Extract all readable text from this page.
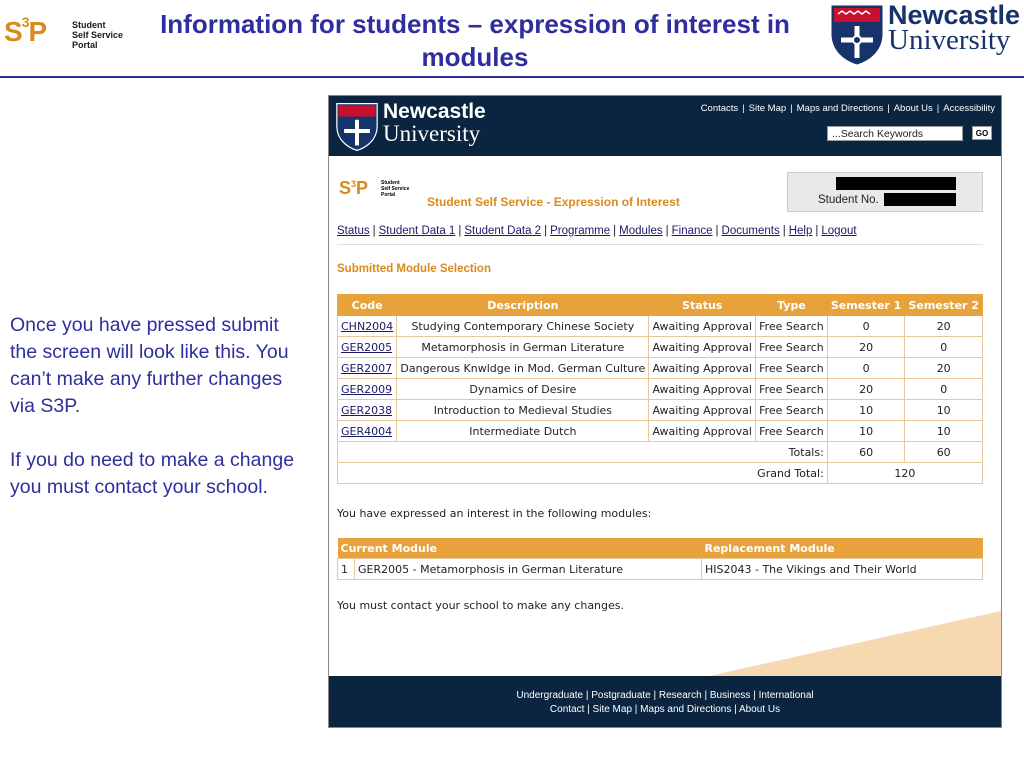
$S^3P$	Student
Self Service
Portal
Information for students – expression of interest in modules
Newcastle
University

Once you have pressed submit the screen will look like this. You can’t make any further changes via S3P.

If you do need to make a change you must contact your school.

Newcastle
University
Contacts | Site Map | Maps and Directions | About Us | Accessibility
...Search Keywords	GO
$S^3P$	Student
Self Service
Portal	Student Self Service - Expression of Interest	Student No.
Status | Student Data 1 | Student Data 2 | Programme | Modules | Finance | Documents | Help | Logout
Submitted Module Selection
Code	Description	Status	Type	Semester 1	Semester 2
CHN2004	Studying Contemporary Chinese Society	Awaiting Approval	Free Search	0	20
GER2005	Metamorphosis in German Literature	Awaiting Approval	Free Search	20	0
GER2007	Dangerous Knwldge in Mod. German Culture	Awaiting Approval	Free Search	0	20
GER2009	Dynamics of Desire	Awaiting Approval	Free Search	20	0
GER2038	Introduction to Medieval Studies	Awaiting Approval	Free Search	10	10
GER4004	Intermediate Dutch	Awaiting Approval	Free Search	10	10
Totals:				60	60
Grand Total:				120	
You have expressed an interest in the following modules:
Current Module		Replacement Module
1	GER2005 - Metamorphosis in German Literature	HIS2043 - The Vikings and Their World
You must contact your school to make any changes.
Undergraduate | Postgraduate | Research | Business | International
Contact | Site Map | Maps and Directions | About Us
